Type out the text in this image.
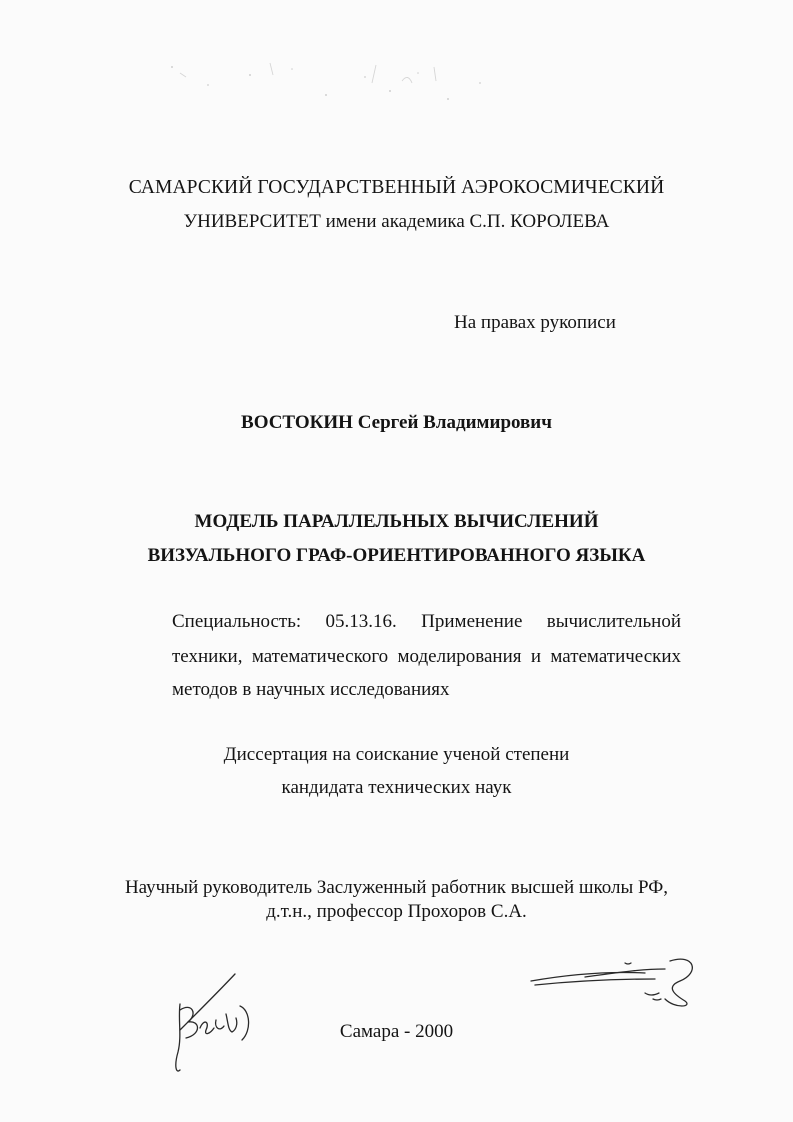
САМАРСКИЙ ГОСУДАРСТВЕННЫЙ АЭРОКОСМИЧЕСКИЙ
УНИВЕРСИТЕТ имени академика С.П. КОРОЛЕВА
На правах рукописи
ВОСТОКИН Сергей Владимирович
МОДЕЛЬ ПАРАЛЛЕЛЬНЫХ ВЫЧИСЛЕНИЙ
ВИЗУАЛЬНОГО ГРАФ-ОРИЕНТИРОВАННОГО ЯЗЫКА
Специальность: 05.13.16. Применение вычислительной
техники, математического моделирования и математических
методов в научных исследованиях
Диссертация на соискание ученой степени
кандидата технических наук
Научный руководитель Заслуженный работник высшей школы РФ,
д.т.н., профессор Прохоров С.А.
Самара - 2000
